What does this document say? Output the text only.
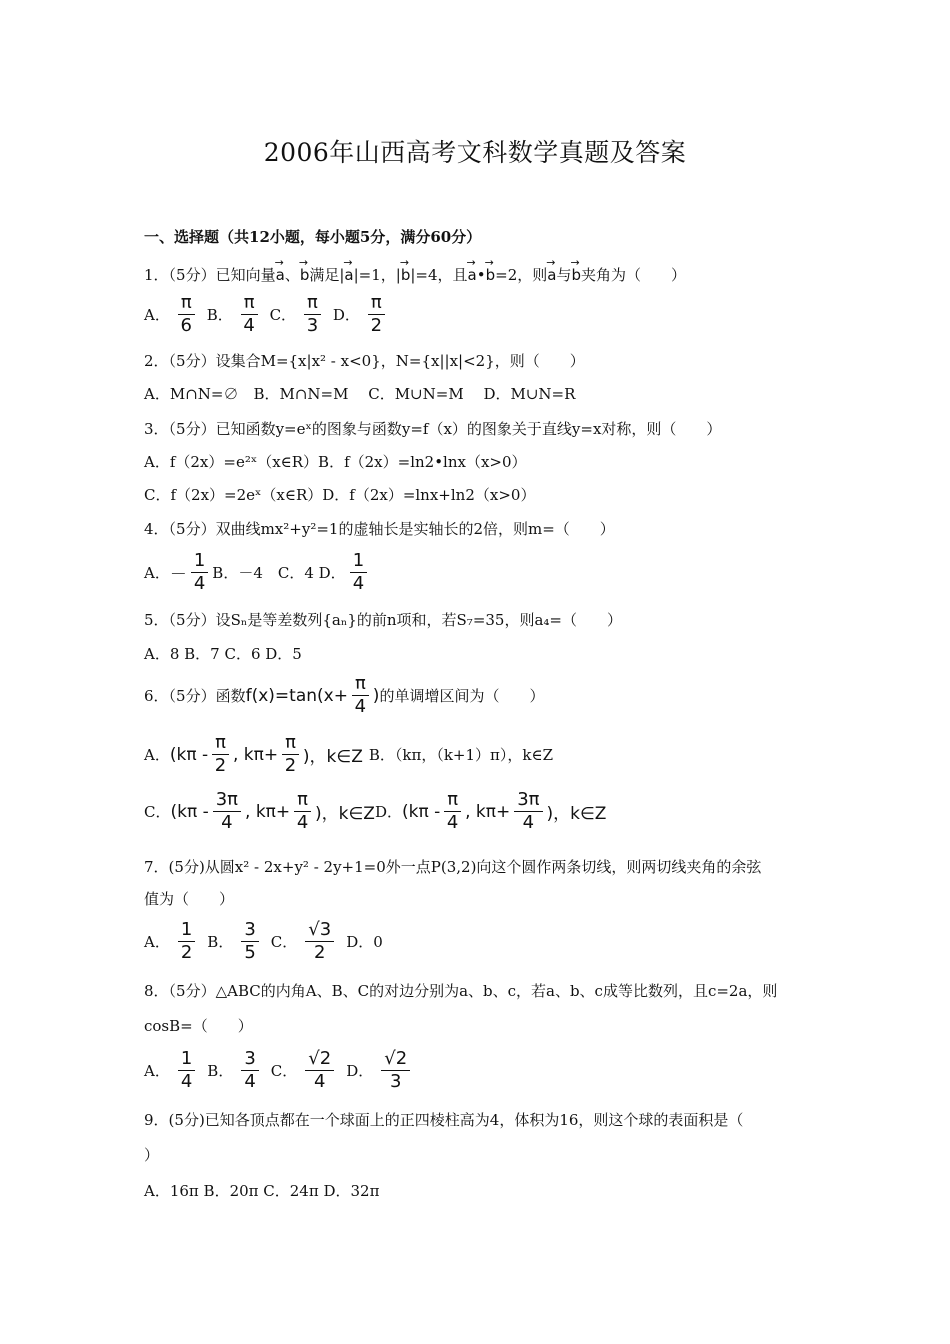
2006年山西高考文科数学真题及答案
一、选择题（共12小题，每小题5分，满分60分）
1．（5分）已知向量→ a、→ b满足|→ a|=1，|→ b|=4，且→ a•→ b=2，则→ a与→ b夹角为（　　）
A． $\frac{\pi}{6}$ B． $\frac{\pi}{4}$ C． $\frac{\pi}{3}$ D． $\frac{\pi}{2}$
2．（5分）设集合M={x|x² - x<0}，N={x||x|<2}，则（　　）
A．M∩N=∅　B．M∩N=M　 C．M∪N=M　 D．M∪N=R
3．（5分）已知函数y=eˣ的图象与函数y=f（x）的图象关于直线y=x对称，则（　　）
A．f（2x）=e²ˣ（x∈R）B．f（2x）=ln2•lnx（x>0）
C．f（2x）=2eˣ（x∈R）D．f（2x）=lnx+ln2（x>0）
4．（5分）双曲线mx²+y²=1的虚轴长是实轴长的2倍，则m=（　　）
A． － $\frac{1}{4}$ B．－4　C．4 D． $\frac{1}{4}$
5．（5分）设Sₙ是等差数列{aₙ}的前n项和，若S₇=35，则a₄=（　　）
A．8 B．7 C．6 D．5
6．（5分）函数 $f(x)=\tan(x+ \frac{\pi}{4}$ ) 的单调增区间为（　　）
A． ($k\pi - \frac{\pi}{2}$ , $k\pi+ \frac{\pi}{2}$ )，k∈Z B．（kπ，（k+1）π），k∈Z
C． ($k\pi - \frac{3\pi}{4}$ , $k\pi+ \frac{\pi}{4}$ )，k∈Z D． ($k\pi - \frac{\pi}{4}$ , $k\pi+ \frac{3\pi}{4}$ )，k∈Z
7．(5分)从圆x² - 2x+y² - 2y+1=0外一点P(3,2)向这个圆作两条切线，则两切线夹角的余弦
值为（　　）
A． $\frac{1}{2}$ B． $\frac{3}{5}$ C． $\frac{√3}{2}$ D．0
8．（5分）△ABC的内角A、B、C的对边分别为a、b、c，若a、b、c成等比数列，且c=2a，则
cosB=（　　）
A． $\frac{1}{4}$ B． $\frac{3}{4}$ C． $\frac{√2}{4}$ D． $\frac{√2}{3}$
9．(5分)已知各顶点都在一个球面上的正四棱柱高为4，体积为16，则这个球的表面积是（
）
A．16π B．20π C．24π D．32π
